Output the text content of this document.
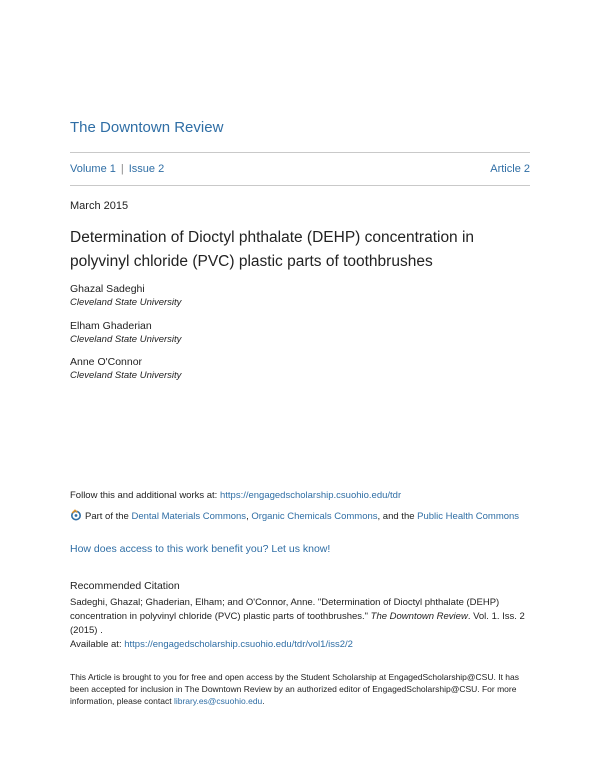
The Downtown Review
Volume 1 | Issue 2	Article 2
March 2015
Determination of Dioctyl phthalate (DEHP) concentration in polyvinyl chloride (PVC) plastic parts of toothbrushes
Ghazal Sadeghi
Cleveland State University
Elham Ghaderian
Cleveland State University
Anne O'Connor
Cleveland State University
Follow this and additional works at: https://engagedscholarship.csuohio.edu/tdr
Part of the Dental Materials Commons, Organic Chemicals Commons, and the Public Health Commons
How does access to this work benefit you? Let us know!
Recommended Citation
Sadeghi, Ghazal; Ghaderian, Elham; and O'Connor, Anne. "Determination of Dioctyl phthalate (DEHP) concentration in polyvinyl chloride (PVC) plastic parts of toothbrushes." The Downtown Review. Vol. 1. Iss. 2 (2015) .
Available at: https://engagedscholarship.csuohio.edu/tdr/vol1/iss2/2
This Article is brought to you for free and open access by the Student Scholarship at EngagedScholarship@CSU. It has been accepted for inclusion in The Downtown Review by an authorized editor of EngagedScholarship@CSU. For more information, please contact library.es@csuohio.edu.
